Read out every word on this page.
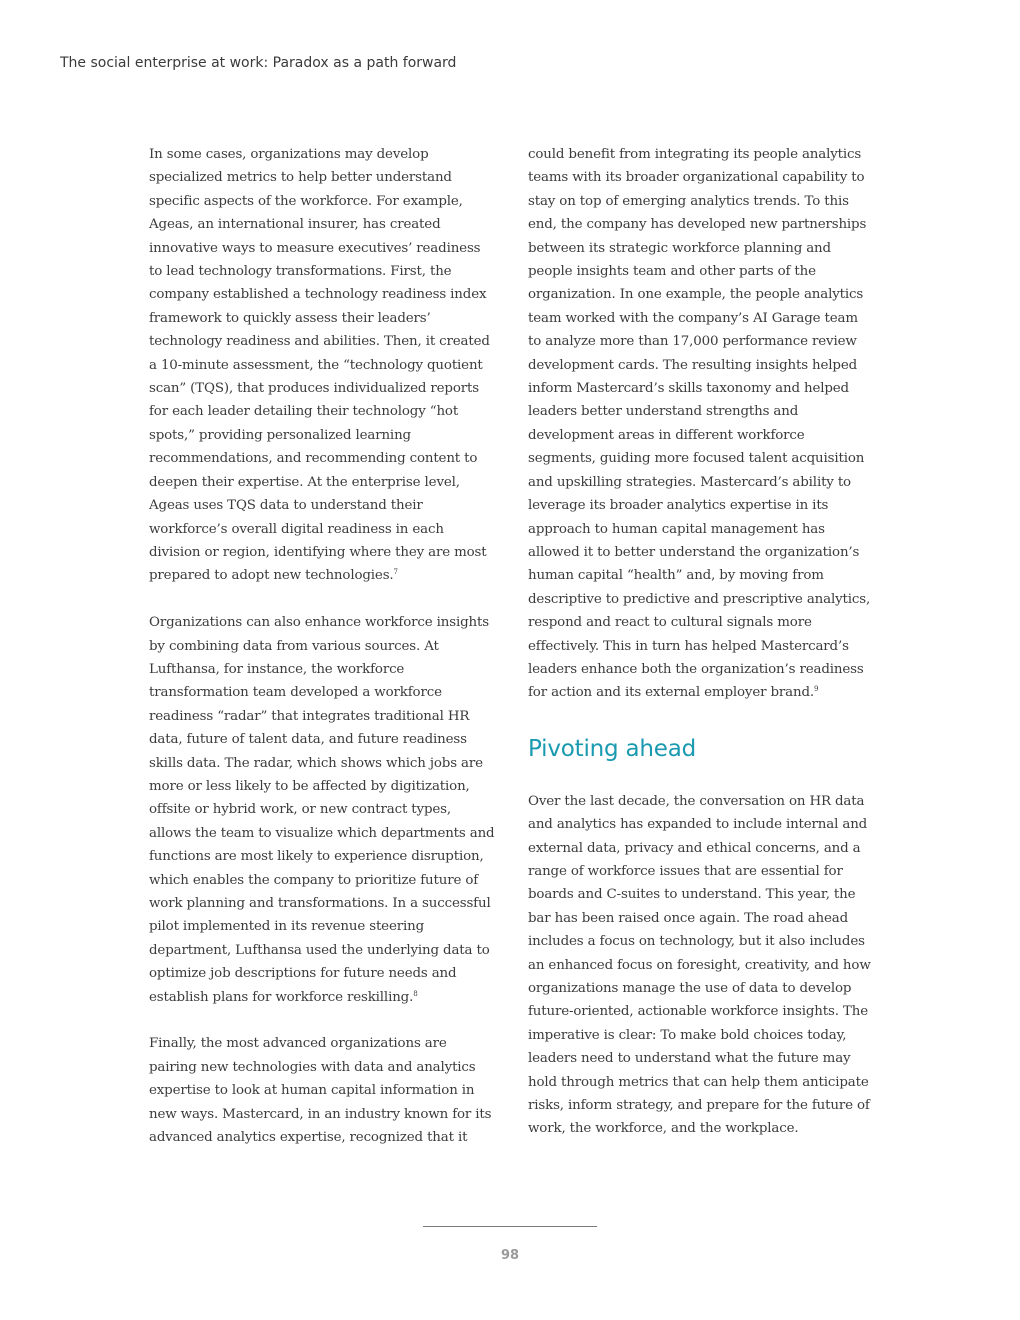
The social enterprise at work: Paradox as a path forward

In some cases, organizations may develop specialized metrics to help better understand specific aspects of the workforce. For example, Ageas, an international insurer, has created innovative ways to measure executives’ readiness to lead technology transformations. First, the company established a technology readiness index framework to quickly assess their leaders’ technology readiness and abilities. Then, it created a 10-minute assessment, the “technology quotient scan” (TQS), that produces individualized reports for each leader detailing their technology “hot spots,” providing personalized learning recommendations, and recommending content to deepen their expertise. At the enterprise level, Ageas uses TQS data to understand their workforce’s overall digital readiness in each division or region, identifying where they are most prepared to adopt new technologies.$^7$

Organizations can also enhance workforce insights by combining data from various sources. At Lufthansa, for instance, the workforce transformation team developed a workforce readiness “radar” that integrates traditional HR data, future of talent data, and future readiness skills data. The radar, which shows which jobs are more or less likely to be affected by digitization, offsite or hybrid work, or new contract types, allows the team to visualize which departments and functions are most likely to experience disruption, which enables the company to prioritize future of work planning and transformations. In a successful pilot implemented in its revenue steering department, Lufthansa used the underlying data to optimize job descriptions for future needs and establish plans for workforce reskilling.$^8$

Finally, the most advanced organizations are pairing new technologies with data and analytics expertise to look at human capital information in new ways. Mastercard, in an industry known for its advanced analytics expertise, recognized that it

could benefit from integrating its people analytics teams with its broader organizational capability to stay on top of emerging analytics trends. To this end, the company has developed new partnerships between its strategic workforce planning and people insights team and other parts of the organization. In one example, the people analytics team worked with the company’s AI Garage team to analyze more than 17,000 performance review development cards. The resulting insights helped inform Mastercard’s skills taxonomy and helped leaders better understand strengths and development areas in different workforce segments, guiding more focused talent acquisition and upskilling strategies. Mastercard’s ability to leverage its broader analytics expertise in its approach to human capital management has allowed it to better understand the organization’s human capital “health” and, by moving from descriptive to predictive and prescriptive analytics, respond and react to cultural signals more effectively. This in turn has helped Mastercard’s leaders enhance both the organization’s readiness for action and its external employer brand.$^9$

Pivoting ahead

Over the last decade, the conversation on HR data and analytics has expanded to include internal and external data, privacy and ethical concerns, and a range of workforce issues that are essential for boards and C-suites to understand. This year, the bar has been raised once again. The road ahead includes a focus on technology, but it also includes an enhanced focus on foresight, creativity, and how organizations manage the use of data to develop future-oriented, actionable workforce insights. The imperative is clear: To make bold choices today, leaders need to understand what the future may hold through metrics that can help them anticipate risks, inform strategy, and prepare for the future of work, the workforce, and the workplace.

98
